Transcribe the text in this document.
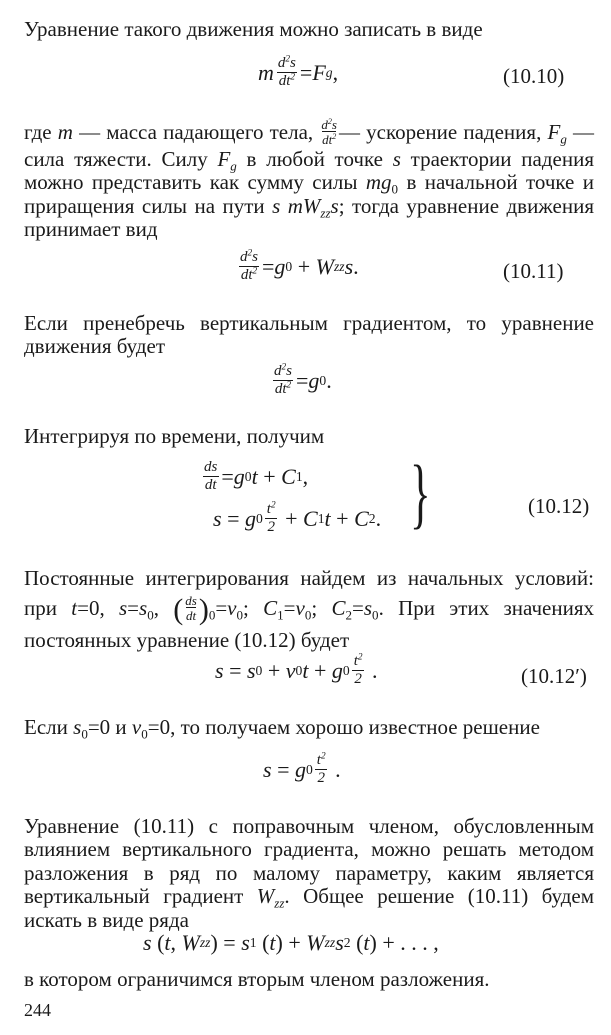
Уравнение такого движения можно записать в виде

m $\frac{d^2s}{dt^2} = F$ g ,	(10.10)

где m — масса падающего тела, $\frac{d^2s}{dt^2}$ — ускорение падения, $F_g$ — сила тяжести. Силу $F_g$ в любой точке s траектории падения можно представить как сумму силы $mg_0$ в начальной точке и приращения силы на пути s $mW_{zz}s$; тогда уравнение движения принимает вид

$\frac{d^2s}{dt^2} = g$ 0 + W zz s .	(10.11)

Если пренебречь вертикальным градиентом, то уравнение движения будет

$\frac{d^2s}{dt^2} = g$ 0 .

Интегрируя по времени, получим

$\frac{ds}{dt} = g$ 0 t + C 1 ,
s = g $0 \frac{t^2}{2} + C$ 1 t + C 2 . }	(10.12)

Постоянные интегрирования найдем из начальных условий: при t=0, $s=s_0$, ( $\frac{ds}{dt} )_0=v_0$; $C_1=v_0$; $C_2=s_0$. При этих значениях постоянных уравнение (10.12) будет

s = s 0 + v 0 t + g $0 \frac{t^2}{2}$ .	(10.12′)

Если $s_0=0$ и $v_0=0$, то получаем хорошо известное решение

s = g $0 \frac{t^2}{2}$ .

Уравнение (10.11) с поправочным членом, обусловленным влиянием вертикального градиента, можно решать методом разложения в ряд по малому параметру, каким является вертикальный градиент $W_{zz}$. Общее решение (10.11) будем искать в виде ряда

s ( t , W zz ) = s 1 ( t ) + W zz s 2 ( t ) + . . . ,

в котором ограничимся вторым членом разложения.

244
